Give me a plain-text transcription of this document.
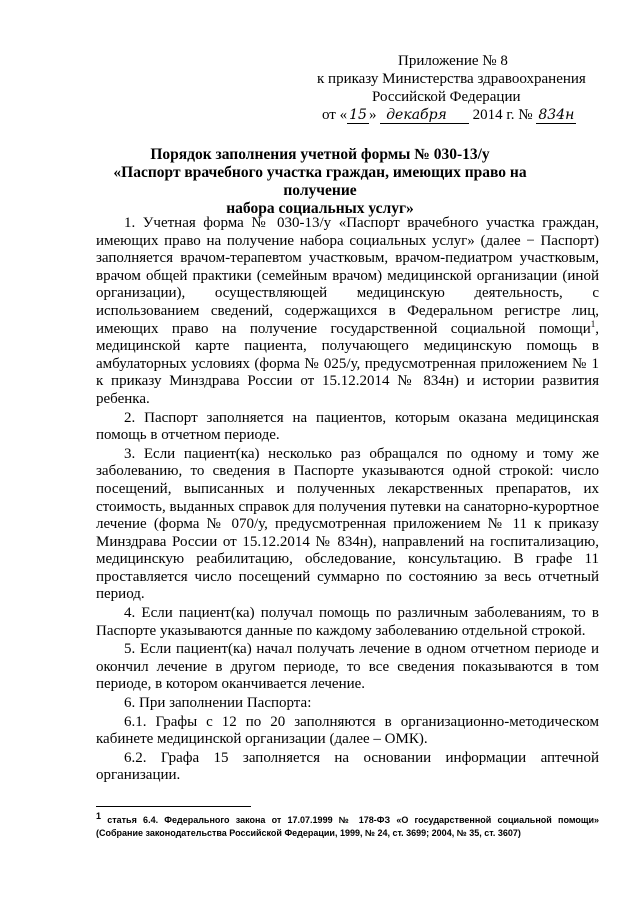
Приложение № 8
к приказу Министерства здравоохранения
Российской Федерации
от « 15 » декабря 2014 г. № 834н
Порядок заполнения учетной формы № 030-13/у
«Паспорт врачебного участка граждан, имеющих право на получение
набора социальных услуг»

1. Учетная форма № 030-13/у «Паспорт врачебного участка граждан, имеющих право на получение набора социальных услуг» (далее − Паспорт) заполняется врачом-терапевтом участковым, врачом-педиатром участковым, врачом общей практики (семейным врачом) медицинской организации (иной организации), осуществляющей медицинскую деятельность, с использованием сведений, содержащихся в Федеральном регистре лиц, имеющих право на получение государственной социальной помощи$^1$, медицинской карте пациента, получающего медицинскую помощь в амбулаторных условиях (форма № 025/у, предусмотренная приложением № 1 к приказу Минздрава России от 15.12.2014 № 834н) и истории развития ребенка.

2. Паспорт заполняется на пациентов, которым оказана медицинская помощь в отчетном периоде.

3. Если пациент(ка) несколько раз обращался по одному и тому же заболеванию, то сведения в Паспорте указываются одной строкой: число посещений, выписанных и полученных лекарственных препаратов, их стоимость, выданных справок для получения путевки на санаторно-курортное лечение (форма № 070/у, предусмотренная приложением № 11 к приказу Минздрава России от 15.12.2014 № 834н), направлений на госпитализацию, медицинскую реабилитацию, обследование, консультацию. В графе 11 проставляется число посещений суммарно по состоянию за весь отчетный период.

4. Если пациент(ка) получал помощь по различным заболеваниям, то в Паспорте указываются данные по каждому заболеванию отдельной строкой.

5. Если пациент(ка) начал получать лечение в одном отчетном периоде и окончил лечение в другом периоде, то все сведения показываются в том периоде, в котором оканчивается лечение.

6. При заполнении Паспорта:

6.1. Графы с 12 по 20 заполняются в организационно-методическом кабинете медицинской организации (далее – ОМК).

6.2. Графа 15 заполняется на основании информации аптечной организации.

$^1$ статья 6.4. Федерального закона от 17.07.1999 № 178-ФЗ «О государственной социальной помощи» (Собрание законодательства Российской Федерации, 1999, № 24, ст. 3699; 2004, № 35, ст. 3607)
